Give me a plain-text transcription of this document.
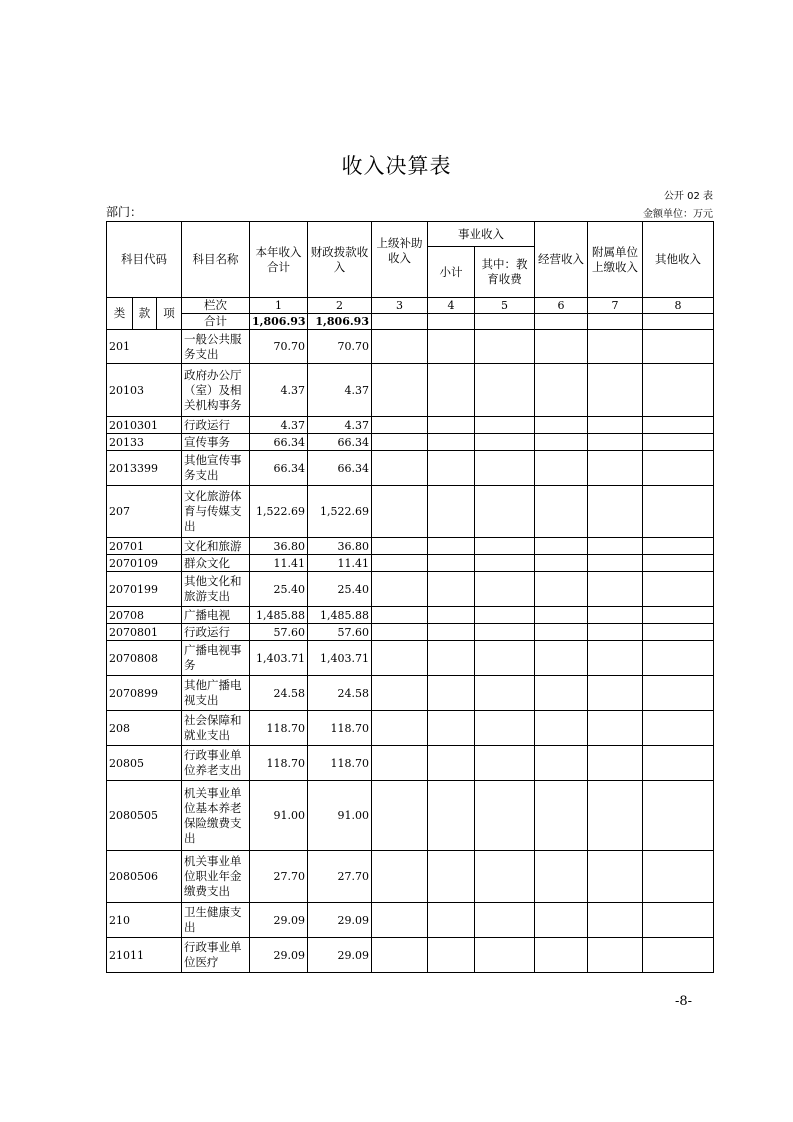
收入决算表
公开 02 表
部门：	金额单位：万元
科目代码			科目名称	本年收入合计	财政拨款收入	上级补助收入	事业收入		经营收入	附属单位上缴收入	其他收入
							小计	其中：教育收费			
类	款	项	栏次	1	2	3	4	5	6	7	8
			合计	1,806.93	1,806.93						
201			一般公共服务支出	70.70	70.70						
20103			政府办公厅（室）及相关机构事务	4.37	4.37						
2010301			行政运行	4.37	4.37						
20133			宣传事务	66.34	66.34						
2013399			其他宣传事务支出	66.34	66.34						
207			文化旅游体育与传媒支出	1,522.69	1,522.69						
20701			文化和旅游	36.80	36.80						
2070109			群众文化	11.41	11.41						
2070199			其他文化和旅游支出	25.40	25.40						
20708			广播电视	1,485.88	1,485.88						
2070801			行政运行	57.60	57.60						
2070808			广播电视事务	1,403.71	1,403.71						
2070899			其他广播电视支出	24.58	24.58						
208			社会保障和就业支出	118.70	118.70						
20805			行政事业单位养老支出	118.70	118.70						
2080505			机关事业单位基本养老保险缴费支出	91.00	91.00						
2080506			机关事业单位职业年金缴费支出	27.70	27.70						
210			卫生健康支出	29.09	29.09						
21011			行政事业单位医疗	29.09	29.09						
-8-
